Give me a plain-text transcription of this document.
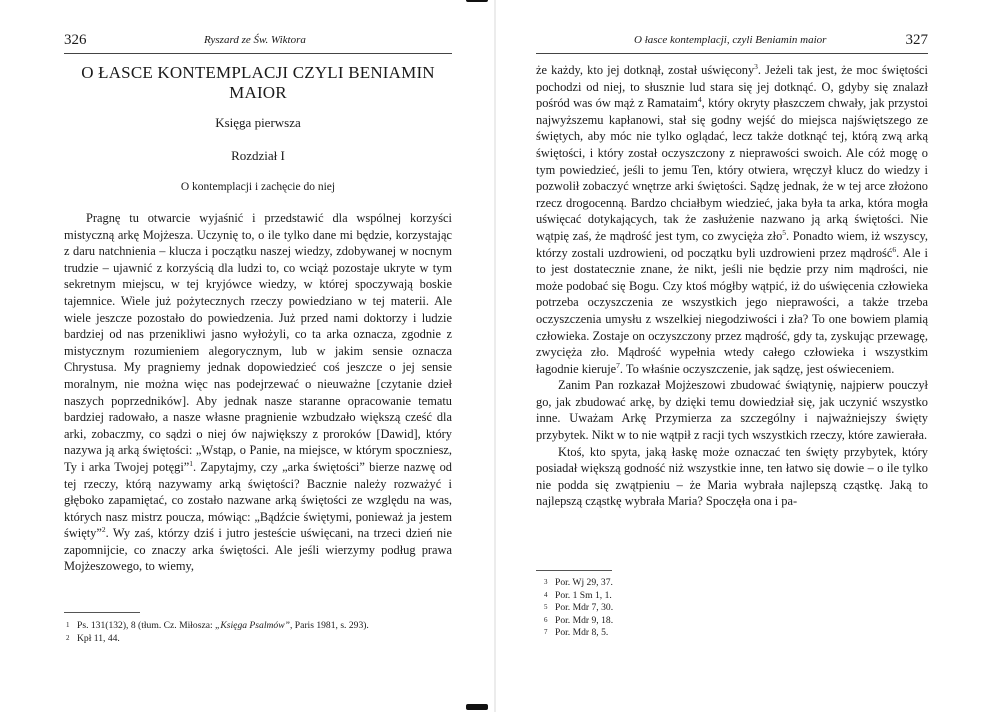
326	Ryszard ze Św. Wiktora
O ŁASCE KONTEMPLACJI CZYLI BENIAMIN MAIOR
Księga pierwsza
Rozdział I
O kontemplacji i zachęcie do niej

Pragnę tu otwarcie wyjaśnić i przedstawić dla wspólnej korzyści mistyczną arkę Mojżesza. Uczynię to, o ile tylko dane mi będzie, korzystając z daru natchnienia – klucza i początku naszej wiedzy, zdobywanej w nocnym trudzie – ujawnić z korzyścią dla ludzi to, co wciąż pozostaje ukryte w tym sekretnym miejscu, w tej kryjówce wiedzy, w której spoczywają boskie tajemnice. Wiele już pożytecznych rzeczy powiedziano w tej materii. Ale wiele jeszcze pozostało do powiedzenia. Już przed nami doktorzy i ludzie bardziej od nas przenikliwi jasno wyłożyli, co ta arka oznacza, zgodnie z mistycznym rozumieniem alegorycznym, lub w jakim sensie oznacza Chrystusa. My pragniemy jednak dopowiedzieć coś jeszcze o jej sensie moralnym, nie można więc nas podejrzewać o nieuważne [czytanie dzieł naszych poprzedników]. Aby jednak nasze staranne opracowanie tematu bardziej radowało, a nasze własne pragnienie wzbudzało większą cześć dla arki, zobaczmy, co sądzi o niej ów największy z proroków [Dawid], który nazywa ją arką świętości: „Wstąp, o Panie, na miejsce, w którym spoczniesz, Ty i arka Twojej potęgi”$^1$. Zapytajmy, czy „arka świętości” bierze nazwę od tej rzeczy, którą nazywamy arką świętości? Bacznie należy rozważyć i głęboko zapamiętać, co zostało nazwane arką świętości ze względu na was, których nasz mistrz poucza, mówiąc: „Bądźcie świętymi, ponieważ ja jestem święty”$^2$. Wy zaś, którzy dziś i jutro jesteście uświęcani, na trzeci dzień nie zapomnijcie, co znaczy arka świętości. Ale jeśli wierzymy podług prawa Mojżeszowego, to wiemy,

1 Ps. 131(132), 8 (tłum. Cz. Miłosza: „Księga Psalmów”, Paris 1981, s. 293).
2 Kpł 11, 44.
O łasce kontemplacji, czyli Beniamin maior	327

że każdy, kto jej dotknął, został uświęcony$^3$. Jeżeli tak jest, że moc świętości pochodzi od niej, to słusznie lud stara się jej dotknąć. O, gdyby się znalazł pośród was ów mąż z Ramataim$^4$, który okryty płaszczem chwały, jak przystoi najwyższemu kapłanowi, stał się godny wejść do miejsca najświętszego ze świętych, aby móc nie tylko oglądać, lecz także dotknąć tej, którą zwą arką świętości, i który został oczyszczony z nieprawości swoich. Ale cóż mogę o tym powiedzieć, jeśli to jemu Ten, który otwiera, wręczył klucz do wiedzy i pozwolił zobaczyć wnętrze arki świętości. Sądzę jednak, że w tej arce złożono rzecz drogocenną. Bardzo chciałbym wiedzieć, jaka była ta arka, która mogła uświęcać dotykających, tak że zasłużenie nazwano ją arką świętości. Nie wątpię zaś, że mądrość jest tym, co zwycięża zło$^5$. Ponadto wiem, iż wszyscy, którzy zostali uzdrowieni, od początku byli uzdrowieni przez mądrość$^6$. Ale i to jest dostatecznie znane, że nikt, jeśli nie będzie przy nim mądrości, nie może podobać się Bogu. Czy ktoś mógłby wątpić, iż do uświęcenia człowieka potrzeba oczyszczenia ze wszystkich jego nieprawości, a także trzeba oczyszczenia umysłu z wszelkiej niegodziwości i zła? To one bowiem plamią człowieka. Zostaje on oczyszczony przez mądrość, gdy ta, zyskując przewagę, zwycięża zło. Mądrość wypełnia wtedy całego człowieka i wszystkim łagodnie kieruje$^7$. To właśnie oczyszczenie, jak sądzę, jest oświeceniem.

Zanim Pan rozkazał Mojżeszowi zbudować świątynię, najpierw pouczył go, jak zbudować arkę, by dzięki temu dowiedział się, jak uczynić wszystko inne. Uważam Arkę Przymierza za szczególny i najważniejszy święty przybytek. Nikt w to nie wątpił z racji tych wszystkich rzeczy, które zawierała.

Ktoś, kto spyta, jaką łaskę może oznaczać ten święty przybytek, który posiadał większą godność niż wszystkie inne, ten łatwo się dowie – o ile tylko nie podda się zwątpieniu – że Maria wybrała najlepszą cząstkę. Jaką to najlepszą cząstkę wybrała Maria? Spoczęła ona i pa-

3 Por. Wj 29, 37.
4 Por. 1 Sm 1, 1.
5 Por. Mdr 7, 30.
6 Por. Mdr 9, 18.
7 Por. Mdr 8, 5.
